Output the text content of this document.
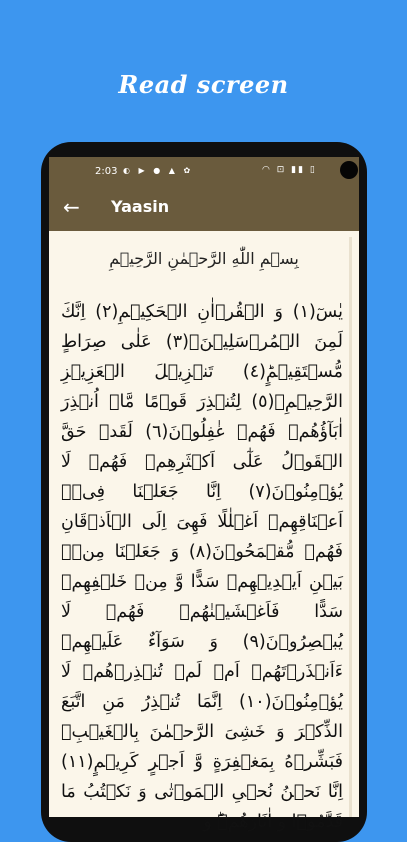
Read screen
2:03 ◐ ▶ ● ▲ ✿	◠ ⊡ ▮▮ ▯
← Yaasin
بِسۡمِ اللّٰهِ الرَّحۡمٰنِ الرَّحِيۡمِ
يٰسٓ‏(١) وَ الۡقُرۡاٰنِ الۡحَكِيۡمِ‏(٢) اِنَّكَ لَمِنَ الۡمُرۡسَلِيۡنَۙ‏(٣) عَلٰى صِرَاطٍ مُّسۡتَقِيۡمٍؕ‏(٤) تَنۡزِيۡلَ الۡعَزِيۡزِ الرَّحِيۡمِۙ‏(٥) لِتُنۡذِرَ قَوۡمًا مَّاۤ اُنۡذِرَ اٰبَآؤُهُمۡ فَهُمۡ غٰفِلُوۡنَ‏(٦) لَقَدۡ حَقَّ الۡقَوۡلُ عَلٰٓى اَكۡثَرِهِمۡ فَهُمۡ لَا يُؤۡمِنُوۡنَ‏(٧) اِنَّا جَعَلۡنَا فِىۡۤ اَعۡنَاقِهِمۡ اَغۡلٰلًا فَهِىَ اِلَى الۡاَذۡقَانِ فَهُمۡ مُّقۡمَحُوۡنَ‏(٨) وَ جَعَلۡنَا مِنۡۢ بَيۡنِ اَيۡدِيۡهِمۡ سَدًّا وَّ مِنۡ خَلۡفِهِمۡ سَدًّا فَاَغۡشَيۡنٰهُمۡ فَهُمۡ لَا يُبۡصِرُوۡنَ‏(٩) وَ سَوَآءٌ عَلَيۡهِمۡ ءَاَنۡذَرۡتَهُمۡ اَمۡ لَمۡ تُنۡذِرۡهُمۡ لَا يُؤۡمِنُوۡنَ‏(١٠) اِنَّمَا تُنۡذِرُ مَنِ اتَّبَعَ الذِّكۡرَ وَ خَشِىَ الرَّحۡمٰنَ بِالۡغَيۡبِ‌ۚ فَبَشِّرۡهُ بِمَغۡفِرَةٍ وَّ اَجۡرٍ كَرِيۡمٍ‏(١١) اِنَّا نَحۡنُ نُحۡىِ الۡمَوۡتٰى وَ نَكۡتُبُ مَا قَدَّمُوۡا وَ اٰثَارَهُمۡ‌ؕ وَ
